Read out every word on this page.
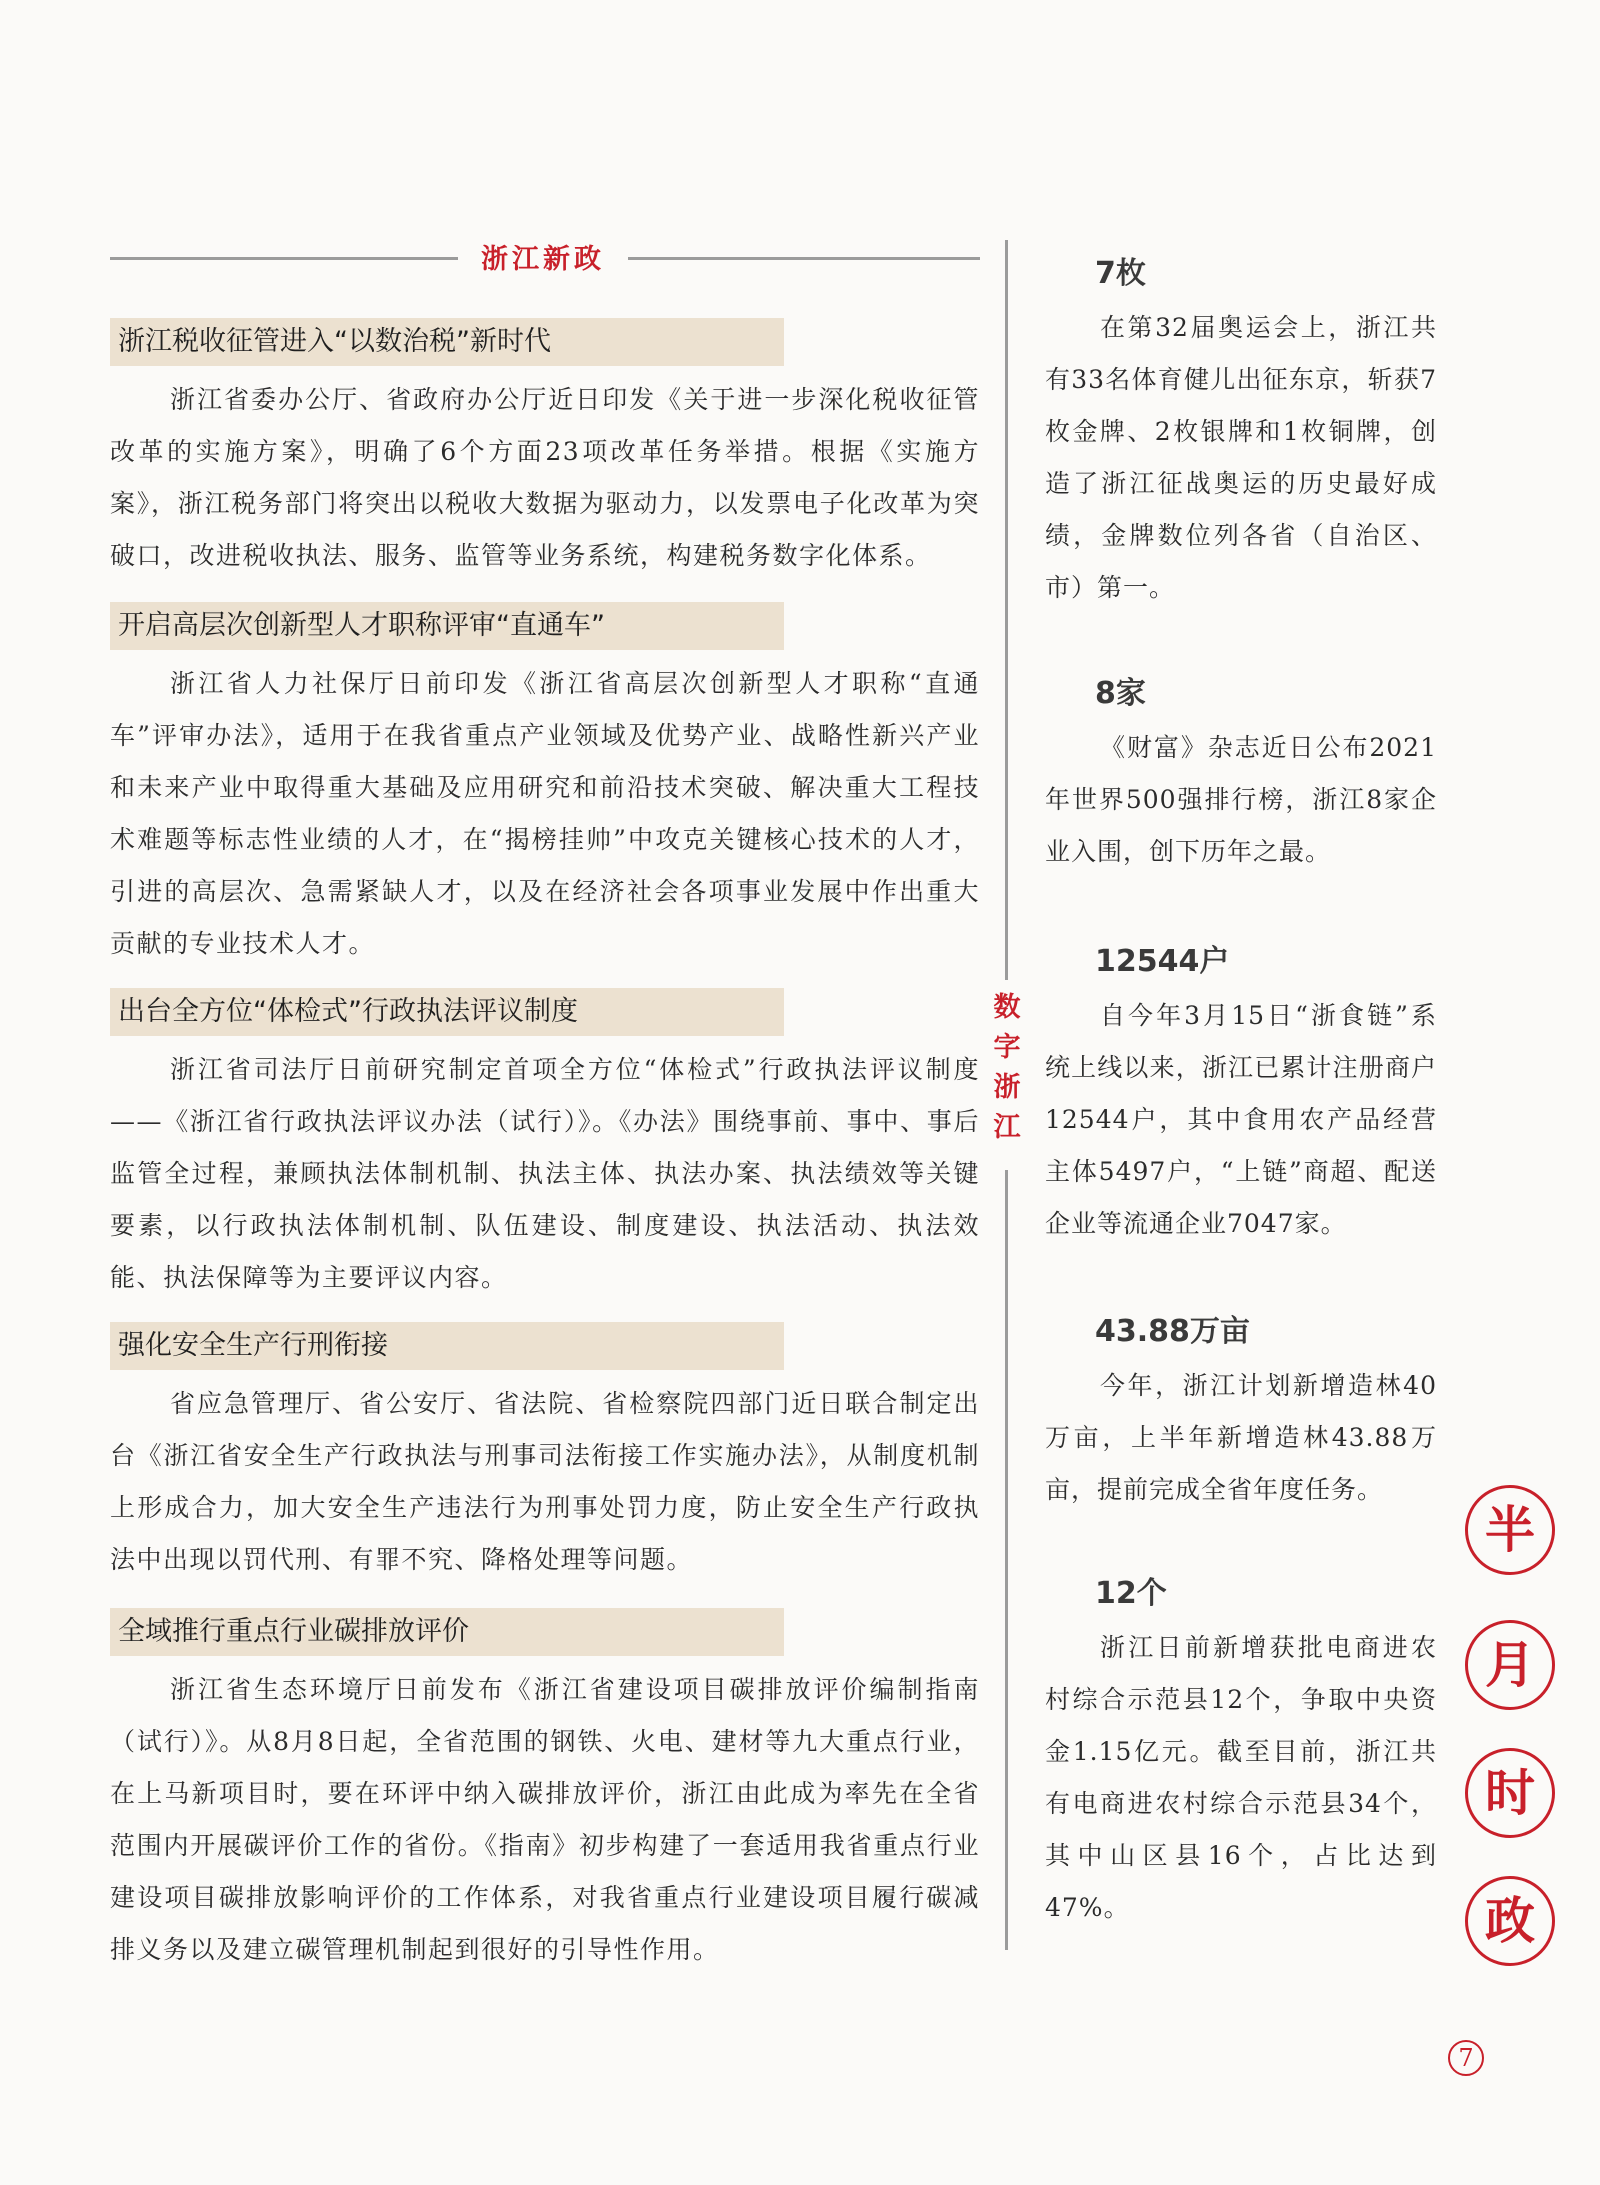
浙江新政
数
字
浙
江
浙江税收征管进入“以数治税”新时代

浙江省委办公厅、省政府办公厅近日印发《关于进一步深化税收征管改革的实施方案》，明确了6个方面23项改革任务举措。根据《实施方案》，浙江税务部门将突出以税收大数据为驱动力，以发票电子化改革为突破口，改进税收执法、服务、监管等业务系统，构建税务数字化体系。

开启高层次创新型人才职称评审“直通车”

浙江省人力社保厅日前印发《浙江省高层次创新型人才职称“直通车”评审办法》，适用于在我省重点产业领域及优势产业、战略性新兴产业和未来产业中取得重大基础及应用研究和前沿技术突破、解决重大工程技术难题等标志性业绩的人才，在“揭榜挂帅”中攻克关键核心技术的人才，引进的高层次、急需紧缺人才，以及在经济社会各项事业发展中作出重大贡献的专业技术人才。

出台全方位“体检式”行政执法评议制度

浙江省司法厅日前研究制定首项全方位“体检式”行政执法评议制度——《浙江省行政执法评议办法（试行）》。《办法》围绕事前、事中、事后监管全过程，兼顾执法体制机制、执法主体、执法办案、执法绩效等关键要素，以行政执法体制机制、队伍建设、制度建设、执法活动、执法效能、执法保障等为主要评议内容。

强化安全生产行刑衔接

省应急管理厅、省公安厅、省法院、省检察院四部门近日联合制定出台《浙江省安全生产行政执法与刑事司法衔接工作实施办法》，从制度机制上形成合力，加大安全生产违法行为刑事处罚力度，防止安全生产行政执法中出现以罚代刑、有罪不究、降格处理等问题。

全域推行重点行业碳排放评价

浙江省生态环境厅日前发布《浙江省建设项目碳排放评价编制指南（试行）》。从8月8日起，全省范围的钢铁、火电、建材等九大重点行业，在上马新项目时，要在环评中纳入碳排放评价，浙江由此成为率先在全省范围内开展碳评价工作的省份。《指南》初步构建了一套适用我省重点行业建设项目碳排放影响评价的工作体系，对我省重点行业建设项目履行碳减排义务以及建立碳管理机制起到很好的引导性作用。

7枚

在第32届奥运会上，浙江共有33名体育健儿出征东京，斩获7枚金牌、2枚银牌和1枚铜牌，创造了浙江征战奥运的历史最好成绩，金牌数位列各省（自治区、市）第一。

8家

《财富》杂志近日公布2021年世界500强排行榜，浙江8家企业入围，创下历年之最。

12544户

自今年3月15日“浙食链”系统上线以来，浙江已累计注册商户12544户，其中食用农产品经营主体5497户，“上链”商超、配送企业等流通企业7047家。

43.88万亩

今年，浙江计划新增造林40万亩，上半年新增造林43.88万亩，提前完成全省年度任务。

12个

浙江日前新增获批电商进农村综合示范县12个，争取中央资金1.15亿元。截至目前，浙江共有电商进农村综合示范县34个，其中山区县16个，占比达到47%。

半
月
时
政
7
